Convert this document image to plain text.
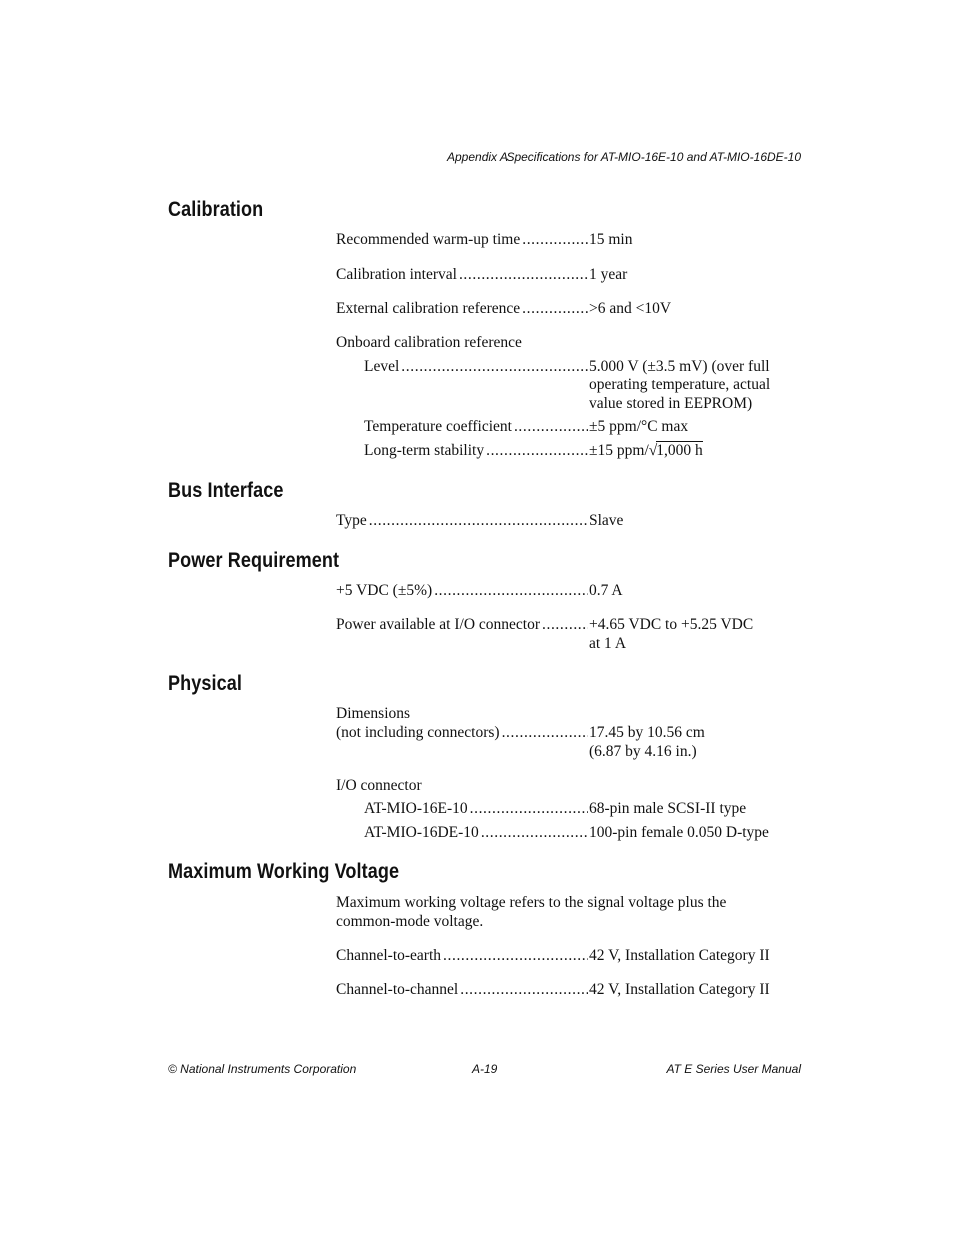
Appendix A
Specifications for AT-MIO-16E-10 and AT-MIO-16DE-10
Calibration
Recommended warm-up time .....	15 min
Calibration interval .....	1 year
External calibration reference .....	>6 and <10V
Onboard calibration reference
Level .....	5.000 V (±3.5 mV) (over full
operating temperature, actual
value stored in EEPROM)
Temperature coefficient .....	±5 ppm/°C max
Long-term stability .....	±15 ppm/√1,000 h
Bus Interface
Type .....	Slave
Power Requirement
+5 VDC (±5%) .....	0.7 A
Power available at I/O connector .....	+4.65 VDC to +5.25 VDC
at 1 A
Physical
Dimensions
(not including connectors) .....	17.45 by 10.56 cm
(6.87 by 4.16 in.)
I/O connector
AT-MIO-16E-10 .....	68-pin male SCSI-II type
AT-MIO-16DE-10 .....	100-pin female 0.050 D-type
Maximum Working Voltage
Maximum working voltage refers to the signal voltage plus the
common-mode voltage.
Channel-to-earth .....	42 V, Installation Category II
Channel-to-channel .....	42 V, Installation Category II
© National Instruments Corporation	A-19	AT E Series User Manual
